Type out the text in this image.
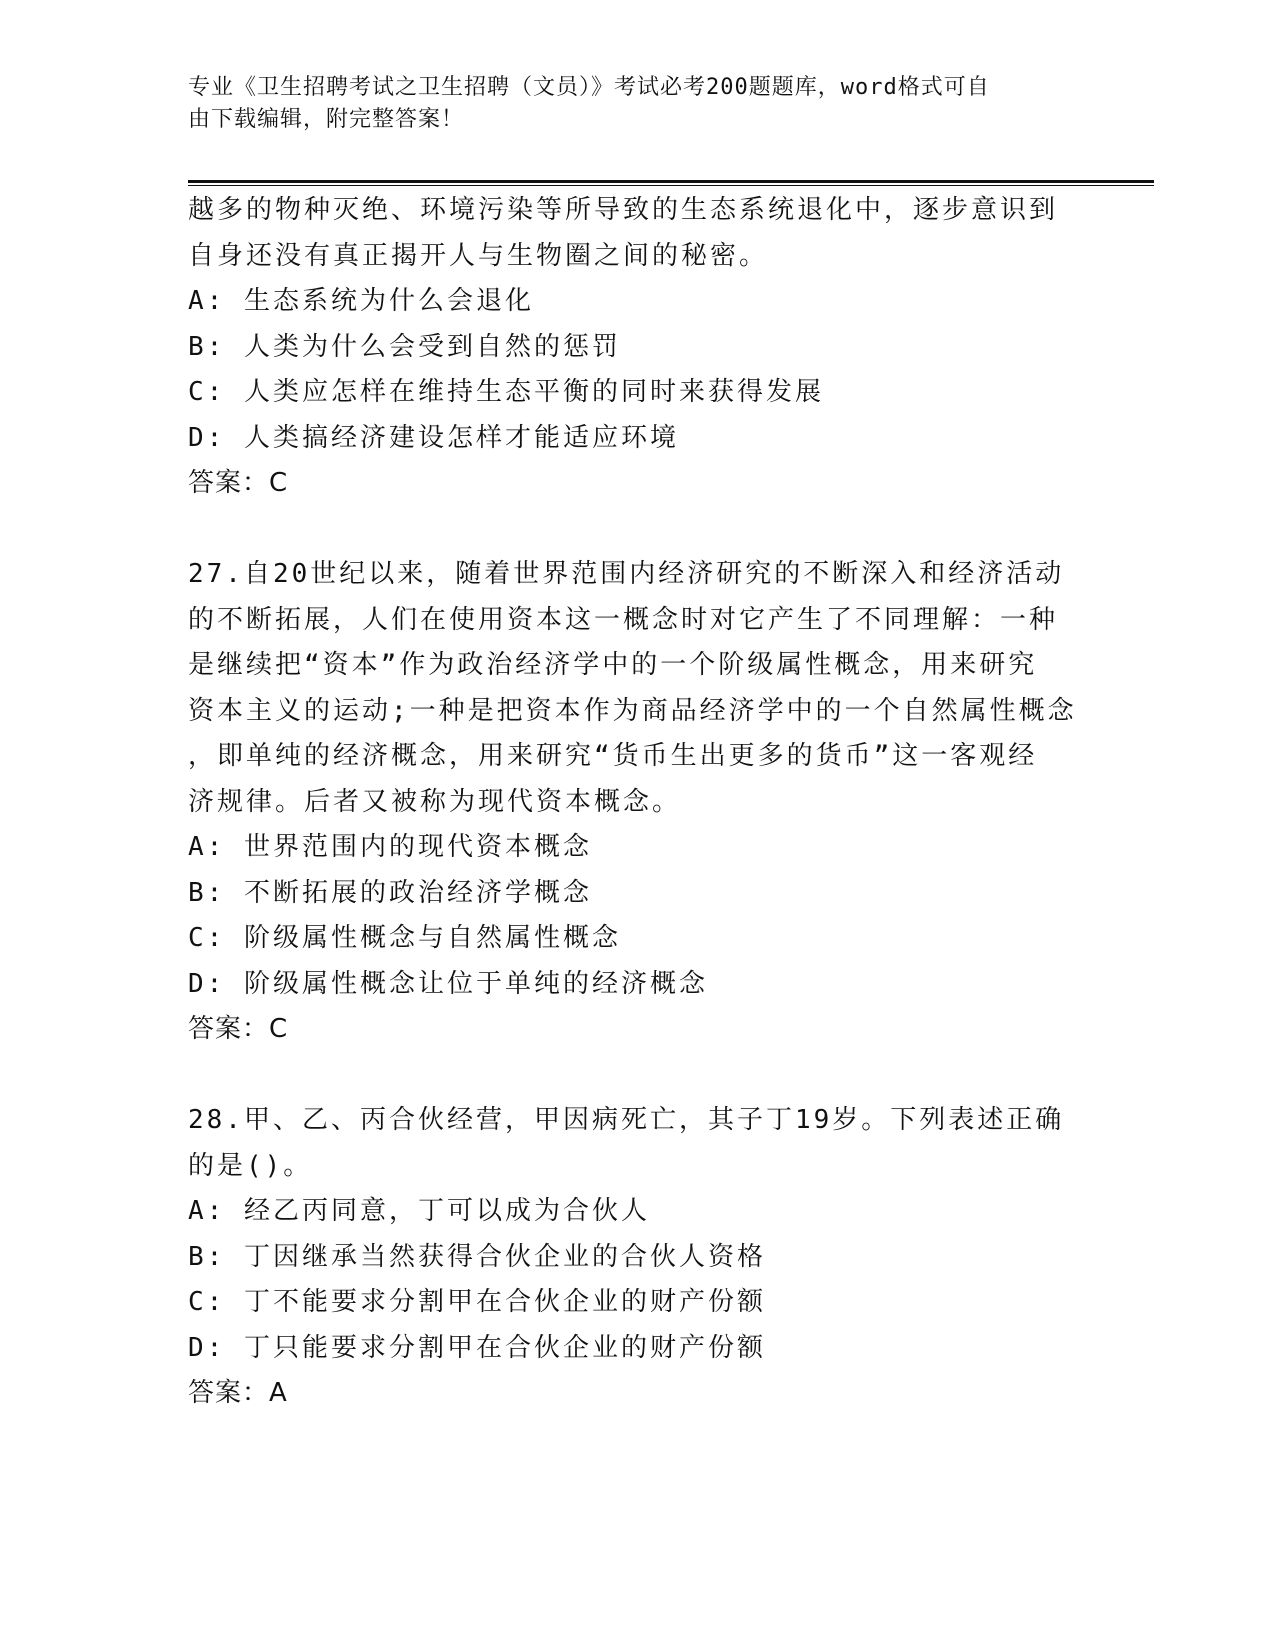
专业《卫生招聘考试之卫生招聘（文员）》考试必考200题题库，word格式可自
由下载编辑，附完整答案！
越多的物种灭绝、环境污染等所导致的生态系统退化中，逐步意识到
自身还没有真正揭开人与生物圈之间的秘密。
A: 生态系统为什么会退化
B: 人类为什么会受到自然的惩罚
C: 人类应怎样在维持生态平衡的同时来获得发展
D: 人类搞经济建设怎样才能适应环境
答案：C
27.自20世纪以来，随着世界范围内经济研究的不断深入和经济活动
的不断拓展，人们在使用资本这一概念时对它产生了不同理解：一种
是继续把“资本”作为政治经济学中的一个阶级属性概念，用来研究
资本主义的运动;一种是把资本作为商品经济学中的一个自然属性概念
，即单纯的经济概念，用来研究“货币生出更多的货币”这一客观经
济规律。后者又被称为现代资本概念。
A: 世界范围内的现代资本概念
B: 不断拓展的政治经济学概念
C: 阶级属性概念与自然属性概念
D: 阶级属性概念让位于单纯的经济概念
答案：C
28.甲、乙、丙合伙经营，甲因病死亡，其子丁19岁。下列表述正确
的是()。
A: 经乙丙同意，丁可以成为合伙人
B: 丁因继承当然获得合伙企业的合伙人资格
C: 丁不能要求分割甲在合伙企业的财产份额
D: 丁只能要求分割甲在合伙企业的财产份额
答案：A
